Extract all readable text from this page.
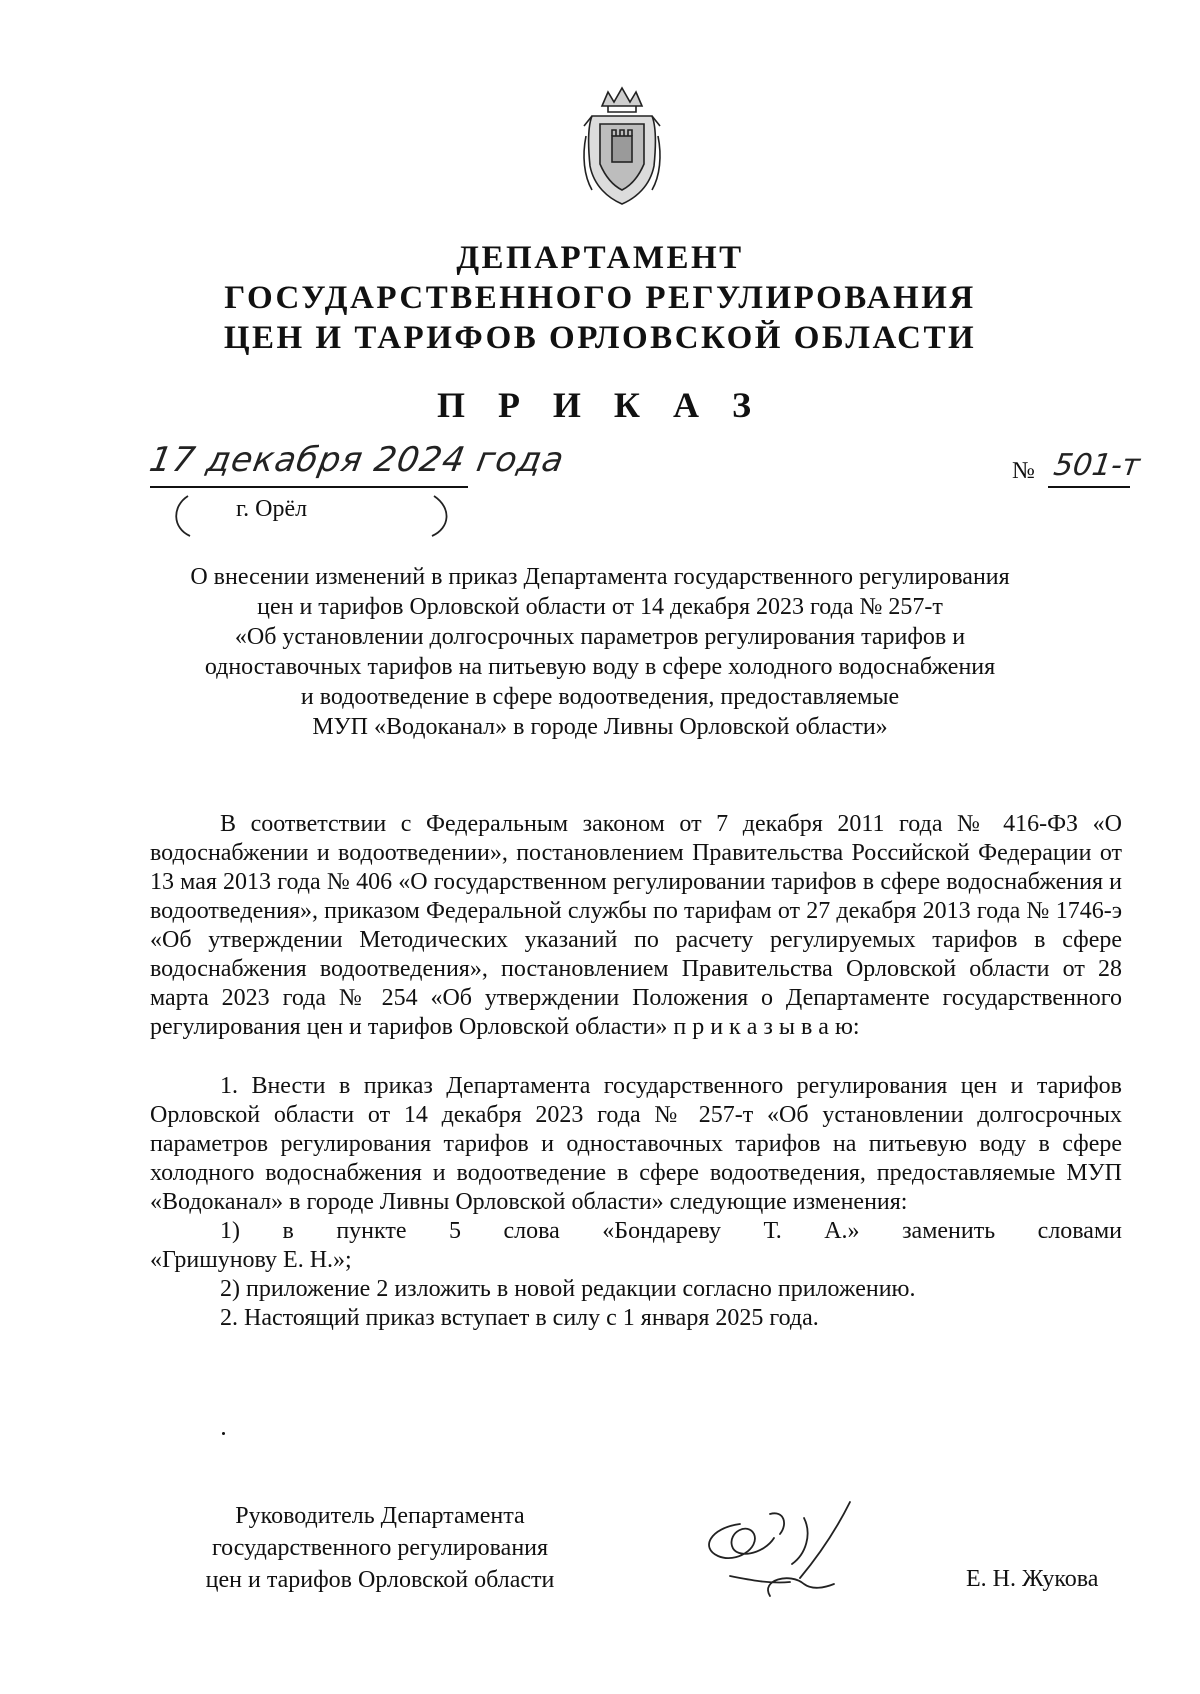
ДЕПАРТАМЕНТ
ГОСУДАРСТВЕННОГО РЕГУЛИРОВАНИЯ
ЦЕН И ТАРИФОВ ОРЛОВСКОЙ ОБЛАСТИ
П Р И К А З
17 декабря 2024 года
г. Орёл
№ 501-т
О внесении изменений в приказ Департамента государственного регулирования
цен и тарифов Орловской области от 14 декабря 2023 года № 257-т
«Об установлении долгосрочных параметров регулирования тарифов и
одноставочных тарифов на питьевую воду в сфере холодного водоснабжения
и водоотведение в сфере водоотведения, предоставляемые
МУП «Водоканал» в городе Ливны Орловской области»

В соответствии с Федеральным законом от 7 декабря 2011 года № 416-ФЗ «О водоснабжении и водоотведении», постановлением Правительства Российской Федерации от 13 мая 2013 года № 406 «О государственном регулировании тарифов в сфере водоснабжения и водоотведения», приказом Федеральной службы по тарифам от 27 декабря 2013 года № 1746-э «Об утверждении Методических указаний по расчету регулируемых тарифов в сфере водоснабжения водоотведения», постановлением Правительства Орловской области от 28 марта 2023 года № 254 «Об утверждении Положения о Департаменте государственного регулирования цен и тарифов Орловской области» п р и к а з ы в а ю:

1. Внести в приказ Департамента государственного регулирования цен и тарифов Орловской области от 14 декабря 2023 года № 257-т «Об установлении долгосрочных параметров регулирования тарифов и одноставочных тарифов на питьевую воду в сфере холодного водоснабжения и водоотведение в сфере водоотведения, предоставляемые МУП «Водоканал» в городе Ливны Орловской области» следующие изменения:

1) в пункте 5 слова «Бондареву Т. А.» заменить словами

«Гришунову Е. Н.»;

2) приложение 2 изложить в новой редакции согласно приложению.

2. Настоящий приказ вступает в силу с 1 января 2025 года.

Руководитель Департамента
государственного регулирования
цен и тарифов Орловской области	Е. Н. Жукова
